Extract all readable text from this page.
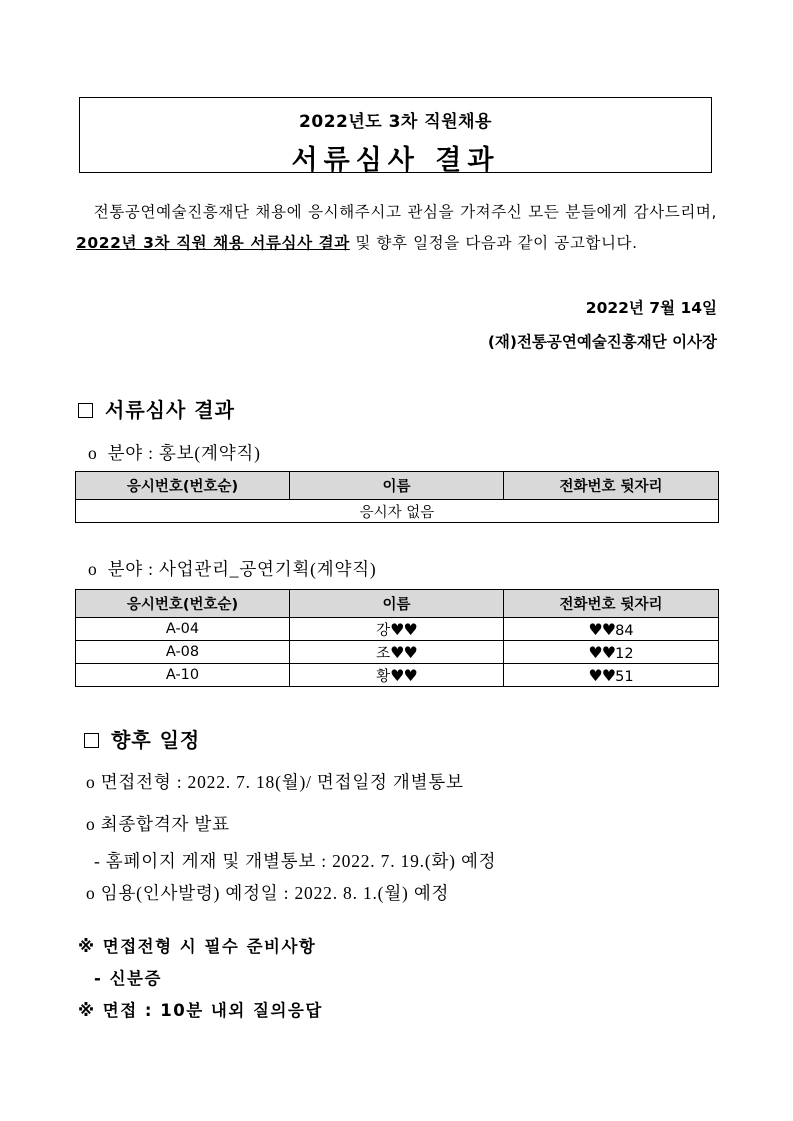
2022년도 3차 직원채용
서류심사 결과
전통공연예술진흥재단 채용에 응시해주시고 관심을 가져주신 모든 분들에게 감사드리며, 2022년 3차 직원 채용 서류심사 결과 및 향후 일정을 다음과 같이 공고합니다.
2022년 7월 14일
(재)전통공연예술진흥재단 이사장
서류심사 결과
o 분야 : 홍보(계약직)
응시번호(번호순)	이름	전화번호 뒷자리
응시자 없음
o 분야 : 사업관리_공연기획(계약직)
응시번호(번호순)	이름	전화번호 뒷자리
A-04	강♥♥	♥♥84
A-08	조♥♥	♥♥12
A-10	황♥♥	♥♥51
향후 일정
o 면접전형 : 2022. 7. 18(월)/ 면접일정 개별통보
o 최종합격자 발표
- 홈페이지 게재 및 개별통보 : 2022. 7. 19.(화) 예정
o 임용(인사발령) 예정일 : 2022. 8. 1.(월) 예정
※ 면접전형 시 필수 준비사항
- 신분증
※ 면접 : 10분 내외 질의응답
